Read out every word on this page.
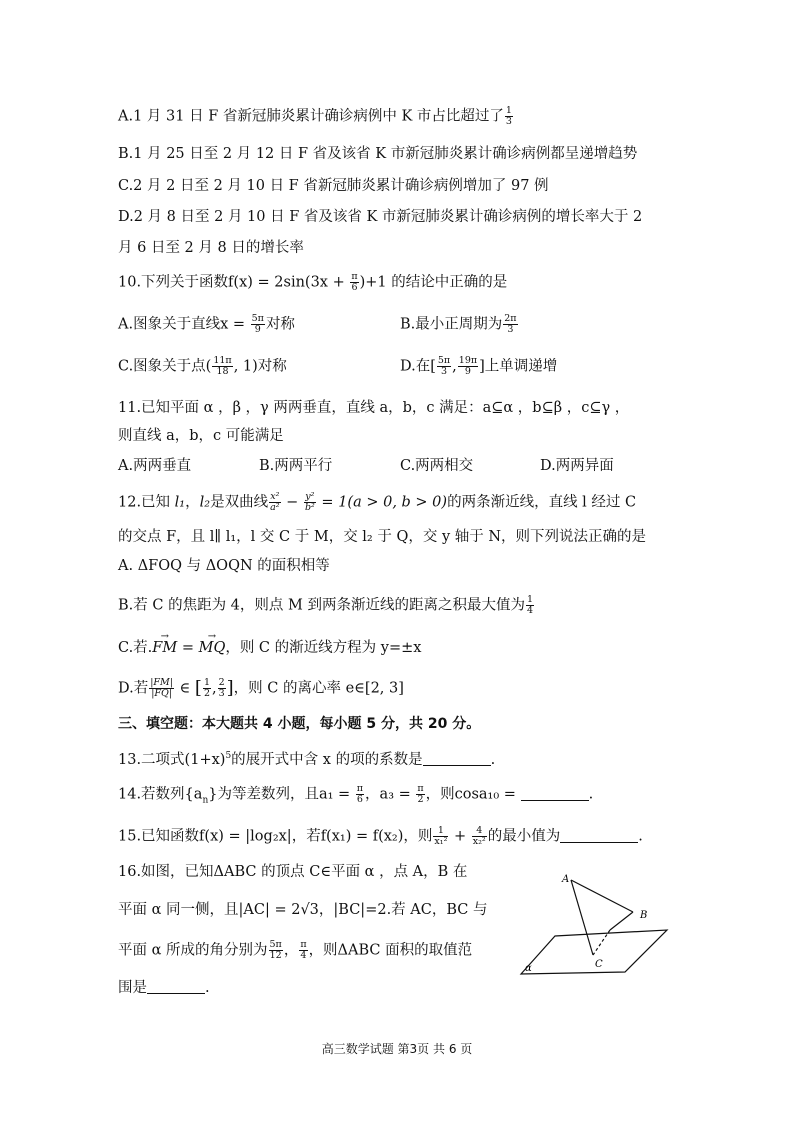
A.1 月 31 日 F 省新冠肺炎累计确诊病例中 K 市占比超过了 $\frac{1}{3}$
B.1 月 25 日至 2 月 12 日 F 省及该省 K 市新冠肺炎累计确诊病例都呈递增趋势
C.2 月 2 日至 2 月 10 日 F 省新冠肺炎累计确诊病例增加了 97 例
D.2 月 8 日至 2 月 10 日 F 省及该省 K 市新冠肺炎累计确诊病例的增长率大于 2
月 6 日至 2 月 8 日的增长率
10.下列关于函数$f(x) = 2\sin(3x + \frac{\pi}{6} )+1$ 的结论中正确的是
A.图象关于直线$x = \frac{5\pi}{9}$ 对称	B.最小正周期为 $\frac{2\pi}{3}$
C.图象关于点( $\frac{11\pi}{18}$ , 1)对称	D.在[ $\frac{5\pi}{3}$ , $\frac{19\pi}{9}$ ]上单调递增
11.已知平面 α ，β ，γ 两两垂直，直线 a，b，c 满足：a⊆α ，b⊆β ，c⊆γ ，
则直线 a，b，c 可能满足
A.两两垂直	B.两两平行	C.两两相交	D.两两异面
12.已知 l₁，l₂是双曲线 $\frac{\text{x²}}{\text{a²}} - \frac{\text{y²}}{\text{b²}} = 1(a > 0$, b > 0)的两条渐近线，直线 l 经过 C
的交点 F，且 l∥ l₁，l 交 C 于 M，交 l₂ 于 Q，交 y 轴于 N，则下列说法正确的是
A. ΔFOQ 与 ΔOQN 的面积相等
B.若 C 的焦距为 4，则点 M 到两条渐近线的距离之积最大值为 $\frac{1}{4}$
C.若.→ FM = → MQ，则 C 的渐近线方程为 y=±x
D.若 $\frac{|FM|}{|FQ|}$ ∈ [ $\frac{1}{2}$ , $\frac{2}{3}$ ]，则 C 的离心率 e∈[2, 3]
三、填空题：本大题共 4 小题，每小题 5 分，共 20 分。
13.二项式$(1+x)^5$的展开式中含 x 的项的系数是	.
14.若数列$\{a_n\}$为等差数列，且$a_1 = \frac{\pi}{6}$ ，$a_3 = \frac{\pi}{2}$ ，则cosa₁₀ =	.
15.已知函数f(x) = |log₂x|，若f(x₁) = f(x₂)，则 $\frac{1}{\text{x₁²}} + \frac{4}{\text{x₂²}}$ 的最小值为	.
16.如图，已知ΔABC 的顶点 C∈平面 α ，点 A，B 在
平面 α 同一侧，且|AC| = 2√3，|BC|=2.若 AC，BC 与
平面 α 所成的角分别为 $\frac{5\pi}{12}$ ， $\frac{\pi}{4}$ ，则ΔABC 面积的取值范
围是	.
A
B
C
α
高三数学试题 第3页 共 6 页
